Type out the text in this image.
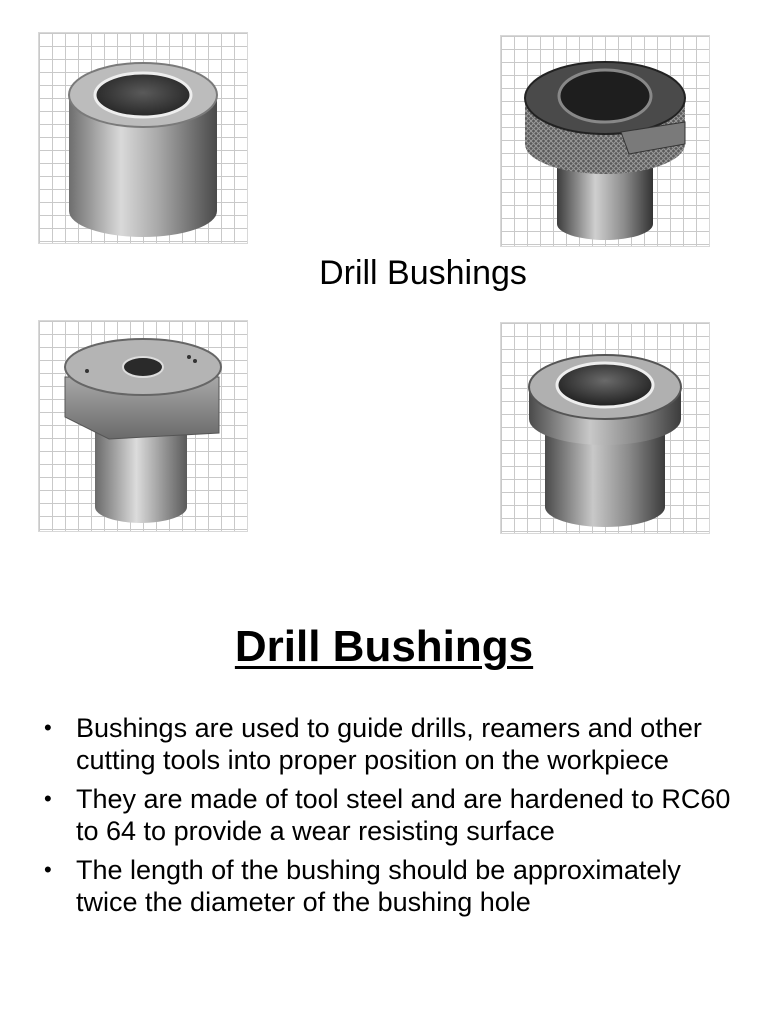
Drill Bushings
Drill Bushings
• Bushings are used to guide drills, reamers and other cutting tools into proper position on the workpiece
• They are made of tool steel and are hardened to RC60 to 64 to provide a wear resisting surface
• The length of the bushing should be approximately twice the diameter of the bushing hole
